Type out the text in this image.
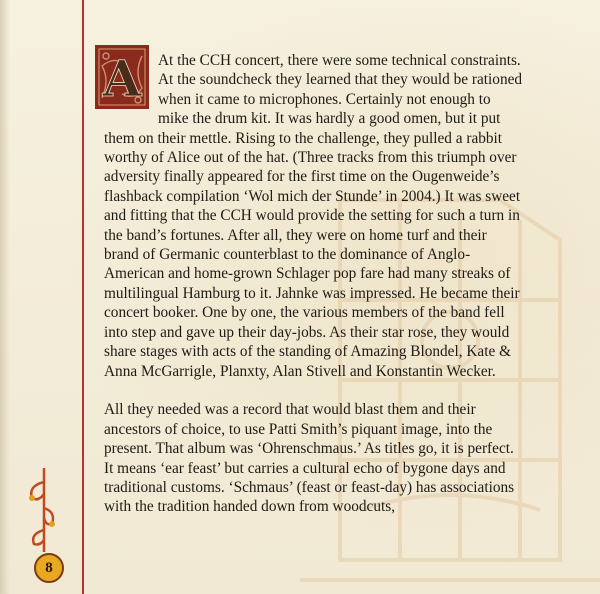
8
A	At the CCH concert, there were some technical constraints. At the soundcheck they learned that they would be rationed when it came to microphones. Certainly not enough to mike the drum kit. It was hardly a good omen, but it put them on their mettle. Rising to the challenge, they pulled a rabbit worthy of Alice out of the hat. (Three tracks from this triumph over adversity finally appeared for the first time on the Ougenweide’s flashback compilation ‘Wol mich der Stunde’ in 2004.) It was sweet and fitting that the CCH would provide the setting for such a turn in the band’s fortunes. After all, they were on home turf and their brand of Germanic counterblast to the dominance of Anglo-American and home-grown Schlager pop fare had many streaks of multilingual Hamburg to it. Jahnke was impressed. He became their concert booker. One by one, the various members of the band fell into step and gave up their day-jobs. As their star rose, they would share stages with acts of the standing of Amazing Blondel, Kate & Anna McGarrigle, Planxty, Alan Stivell and Konstantin Wecker.

All they needed was a record that would blast them and their ancestors of choice, to use Patti Smith’s piquant image, into the present. That album was ‘Ohrenschmaus.’ As titles go, it is perfect. It means ‘ear feast’ but carries a cultural echo of bygone days and traditional customs. ‘Schmaus’ (feast or feast-day) has associations with the tradition handed down from woodcuts,
